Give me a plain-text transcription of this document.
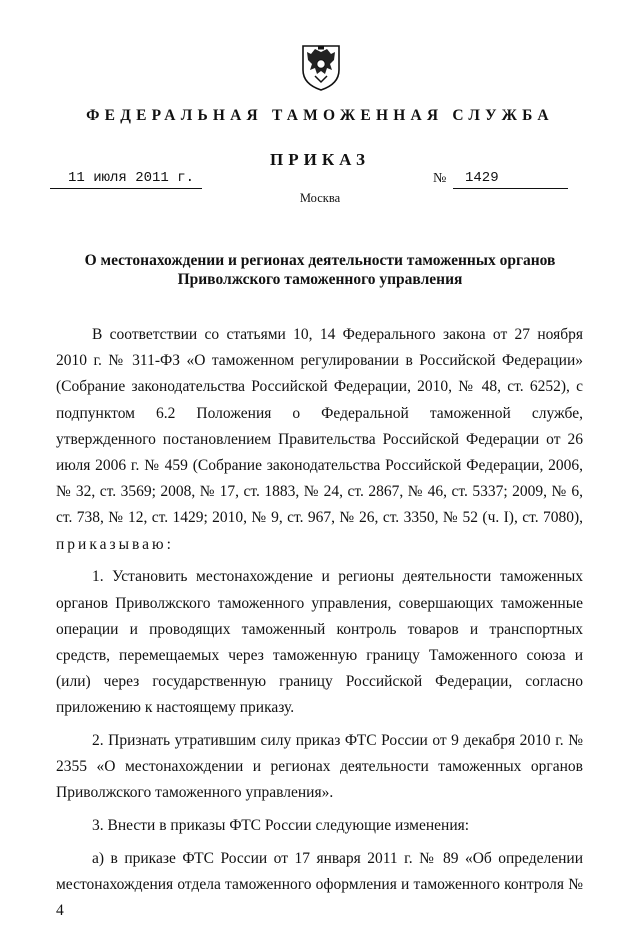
ФЕДЕРАЛЬНАЯ ТАМОЖЕННАЯ СЛУЖБА
ПРИКАЗ
11 июля 2011 г.	№	1429
Москва
О местонахождении и регионах деятельности таможенных органов
Приволжского таможенного управления

В соответствии со статьями 10, 14 Федерального закона от 27 ноября 2010 г. № 311-ФЗ «О таможенном регулировании в Российской Федерации» (Собрание законодательства Российской Федерации, 2010, № 48, ст. 6252), с подпунктом 6.2 Положения о Федеральной таможенной службе, утвержденного постановлением Правительства Российской Федерации от 26 июля 2006 г. № 459 (Собрание законодательства Российской Федерации, 2006, № 32, ст. 3569; 2008, № 17, ст. 1883, № 24, ст. 2867, № 46, ст. 5337; 2009, № 6, ст. 738, № 12, ст. 1429; 2010, № 9, ст. 967, № 26, ст. 3350, № 52 (ч. I), ст. 7080), приказываю:

1. Установить местонахождение и регионы деятельности таможенных органов Приволжского таможенного управления, совершающих таможенные операции и проводящих таможенный контроль товаров и транспортных средств, перемещаемых через таможенную границу Таможенного союза и (или) через государственную границу Российской Федерации, согласно приложению к настоящему приказу.

2. Признать утратившим силу приказ ФТС России от 9 декабря 2010 г. № 2355 «О местонахождении и регионах деятельности таможенных органов Приволжского таможенного управления».

3. Внести в приказы ФТС России следующие изменения:

а) в приказе ФТС России от 17 января 2011 г. № 89 «Об определении местонахождения отдела таможенного оформления и таможенного контроля № 4
